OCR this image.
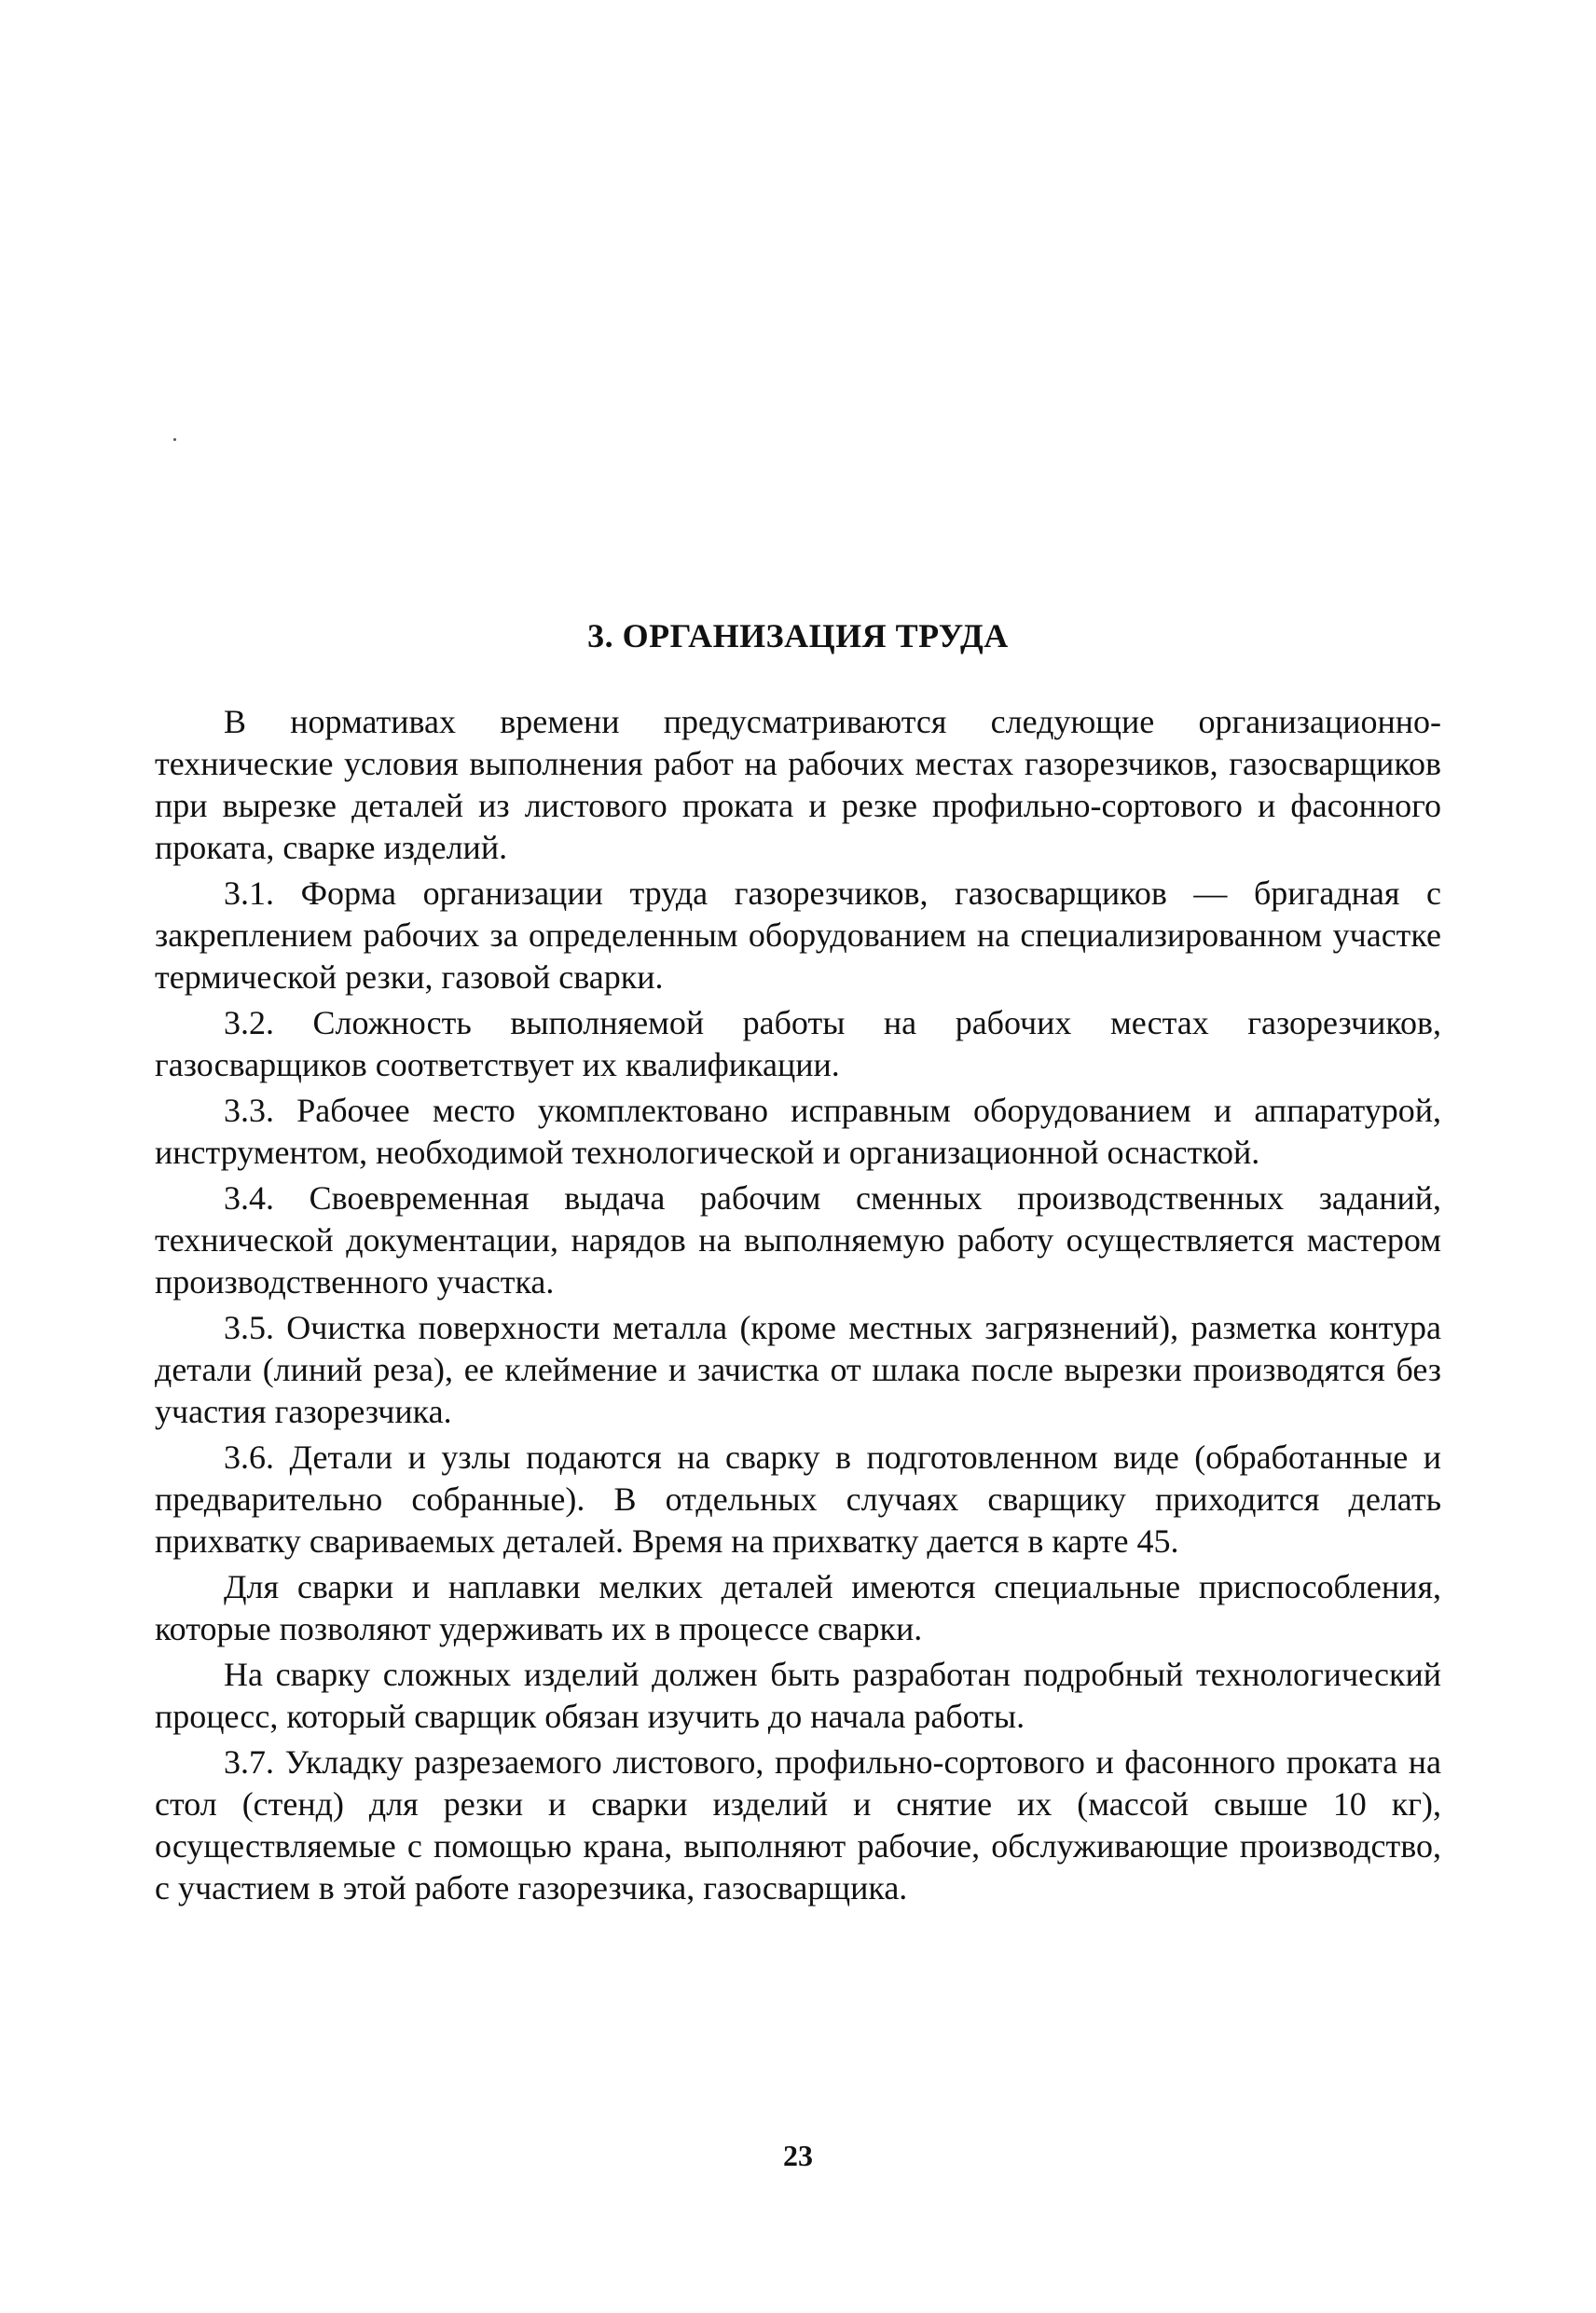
3. ОРГАНИЗАЦИЯ ТРУДА

В нормативах времени предусматриваются следующие организационно-технические условия выполнения работ на рабочих местах газорезчиков, газосварщиков при вырезке деталей из листового проката и резке профильно-сортового и фасонного проката, сварке изделий.

3.1. Форма организации труда газорезчиков, газосварщиков — бригадная с закреплением рабочих за определенным оборудованием на специализированном участке термической резки, газовой сварки.

3.2. Сложность выполняемой работы на рабочих местах газорезчиков, газосварщиков соответствует их квалификации.

3.3. Рабочее место укомплектовано исправным оборудованием и аппаратурой, инструментом, необходимой технологической и организационной оснасткой.

3.4. Своевременная выдача рабочим сменных производственных заданий, технической документации, нарядов на выполняемую работу осуществляется мастером производственного участка.

3.5. Очистка поверхности металла (кроме местных загрязнений), разметка контура детали (линий реза), ее клеймение и зачистка от шлака после вырезки производятся без участия газорезчика.

3.6. Детали и узлы подаются на сварку в подготовленном виде (обработанные и предварительно собранные). В отдельных случаях сварщику приходится делать прихватку свариваемых деталей. Время на прихватку дается в карте 45.

Для сварки и наплавки мелких деталей имеются специальные приспособления, которые позволяют удерживать их в процессе сварки.

На сварку сложных изделий должен быть разработан подробный технологический процесс, который сварщик обязан изучить до начала работы.

3.7. Укладку разрезаемого листового, профильно-сортового и фасонного проката на стол (стенд) для резки и сварки изделий и снятие их (массой свыше 10 кг), осуществляемые с помощью крана, выполняют рабочие, обслуживающие производство, с участием в этой работе газорезчика, газосварщика.

23
